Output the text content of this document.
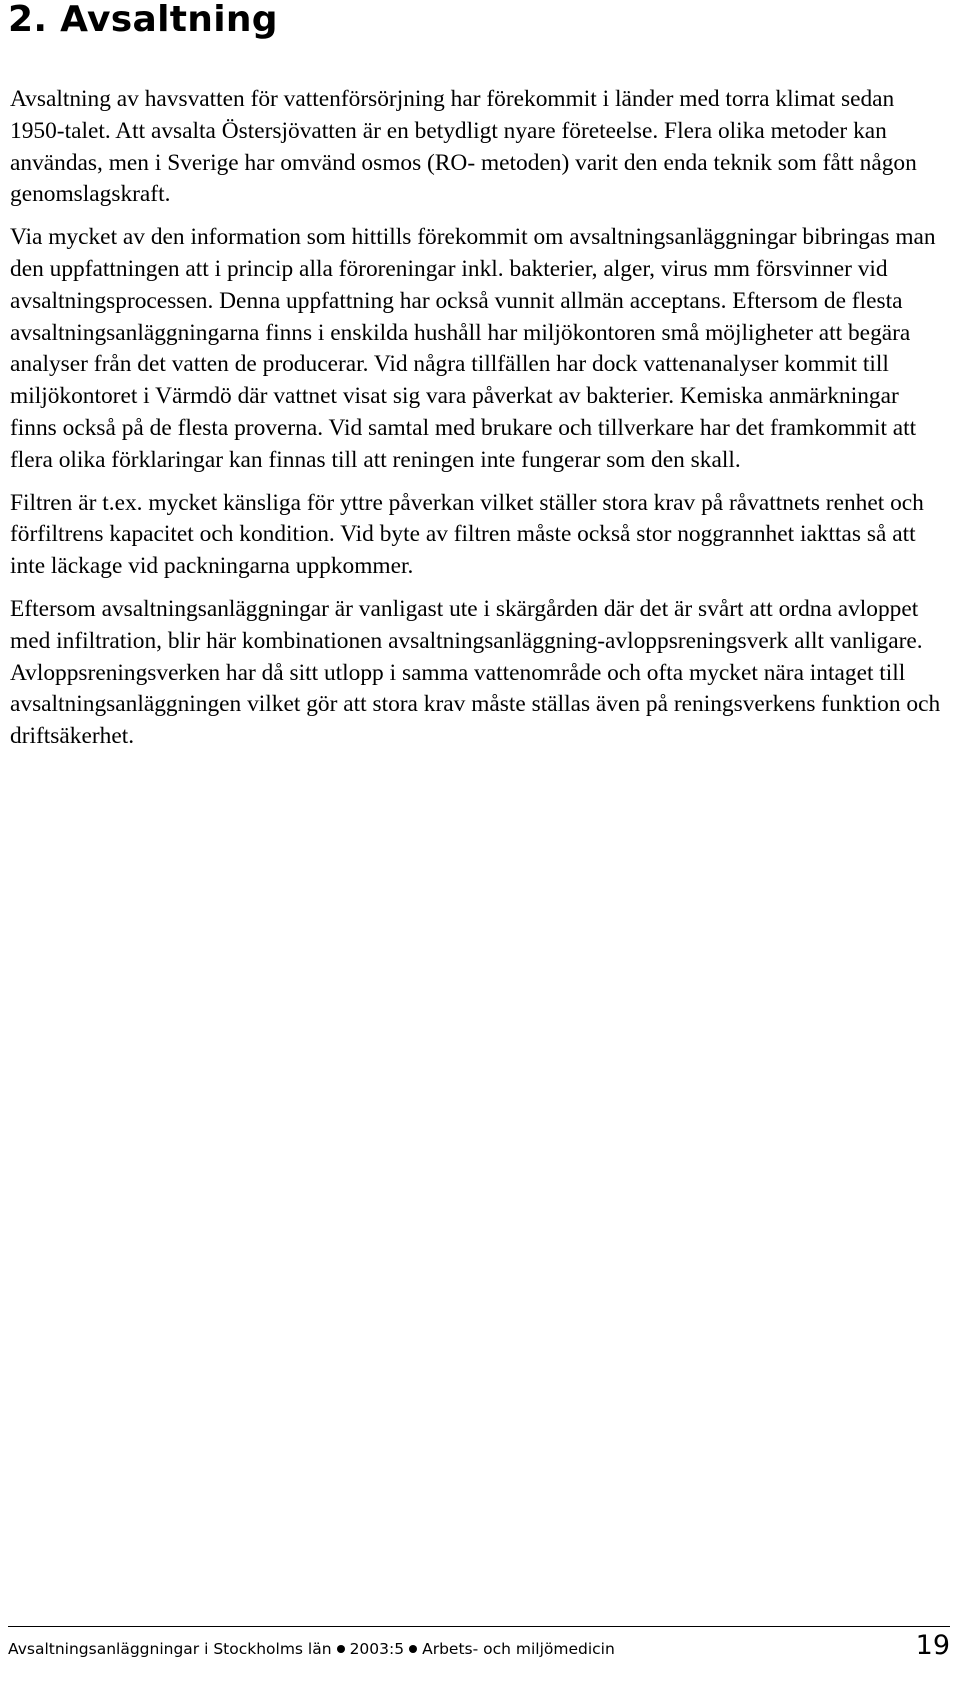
2. Avsaltning

Avsaltning av havsvatten för vattenförsörjning har förekommit i länder med torra klimat sedan 1950-talet. Att avsalta Östersjövatten är en betydligt nyare företeelse. Flera olika metoder kan användas, men i Sverige har omvänd osmos (RO- metoden) varit den enda teknik som fått någon genomslagskraft.

Via mycket av den information som hittills förekommit om avsaltningsanläggningar bibringas man den uppfattningen att i princip alla föroreningar inkl. bakterier, alger, virus mm försvinner vid avsaltningsprocessen. Denna uppfattning har också vunnit allmän acceptans. Eftersom de flesta avsaltningsanläggningarna finns i enskilda hushåll har miljökontoren små möjligheter att begära analyser från det vatten de producerar. Vid några tillfällen har dock vattenanalyser kommit till miljökontoret i Värmdö där vattnet visat sig vara påverkat av bakterier. Kemiska anmärkningar finns också på de flesta proverna. Vid samtal med brukare och tillverkare har det framkommit att flera olika förklaringar kan finnas till att reningen inte fungerar som den skall.

Filtren är t.ex. mycket känsliga för yttre påverkan vilket ställer stora krav på råvattnets renhet och förfiltrens kapacitet och kondition. Vid byte av filtren måste också stor noggrannhet iakttas så att inte läckage vid packningarna uppkommer.

Eftersom avsaltningsanläggningar är vanligast ute i skärgården där det är svårt att ordna avloppet med infiltration, blir här kombinationen avsaltningsanläggning-avloppsreningsverk allt vanligare. Avloppsreningsverken har då sitt utlopp i samma vattenområde och ofta mycket nära intaget till avsaltningsanläggningen vilket gör att stora krav måste ställas även på reningsverkens funktion och driftsäkerhet.

Avsaltningsanläggningar i Stockholms län 2003:5 Arbets- och miljömedicin	19
